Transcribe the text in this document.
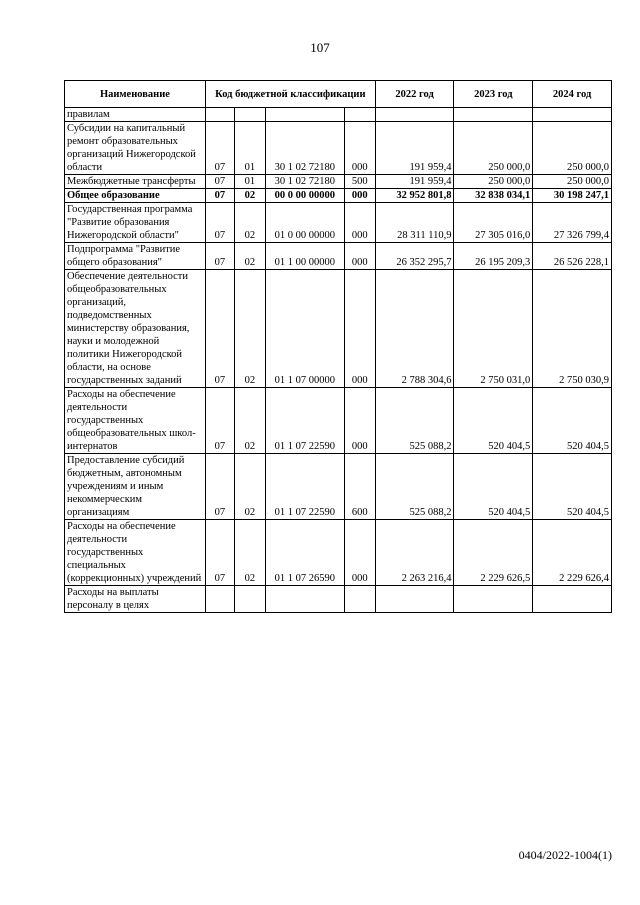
107
Наименование	Код бюджетной классификации				2022 год	2023 год	2024 год
правилам							
Субсидии на капитальный ремонт образовательных организаций Нижегородской области	07	01	30 1 02 72180	000	191 959,4	250 000,0	250 000,0
Межбюджетные трансферты	07	01	30 1 02 72180	500	191 959,4	250 000,0	250 000,0
Общее образование	07	02	00 0 00 00000	000	32 952 801,8	32 838 034,1	30 198 247,1
Государственная программа "Развитие образования Нижегородской области"	07	02	01 0 00 00000	000	28 311 110,9	27 305 016,0	27 326 799,4
Подпрограмма "Развитие общего образования"	07	02	01 1 00 00000	000	26 352 295,7	26 195 209,3	26 526 228,1
Обеспечение деятельности общеобразовательных организаций, подведомственных министерству образования, науки и молодежной политики Нижегородской области, на основе государственных заданий	07	02	01 1 07 00000	000	2 788 304,6	2 750 031,0	2 750 030,9
Расходы на обеспечение деятельности государственных общеобразовательных школ-интернатов	07	02	01 1 07 22590	000	525 088,2	520 404,5	520 404,5
Предоставление субсидий бюджетным, автономным учреждениям и иным некоммерческим организациям	07	02	01 1 07 22590	600	525 088,2	520 404,5	520 404,5
Расходы на обеспечение деятельности государственных специальных (коррекционных) учреждений	07	02	01 1 07 26590	000	2 263 216,4	2 229 626,5	2 229 626,4
Расходы на выплаты персоналу в целях							
0404/2022-1004(1)
